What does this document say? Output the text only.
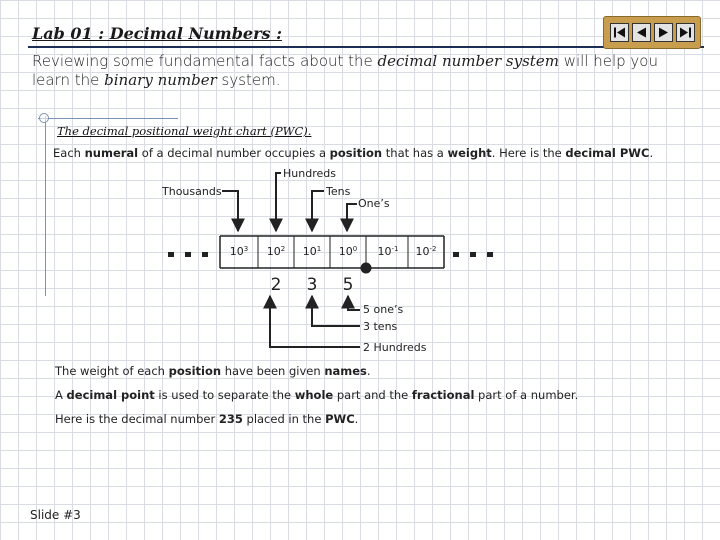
Lab 01 : Decimal Numbers :
Reviewing some fundamental facts about the decimal number system will help you learn the binary number system.
The decimal positional weight chart (PWC).
Each numeral of a decimal number occupies a position that has a weight. Here is the decimal PWC.
Thousands
Hundreds
Tens
One’s
$10^3$ $10^2$ $10^1$ $10^0$ $10^{-1}$ $10^{-2}$
2 3 5
5 one’s
3 tens
2 Hundreds
The weight of each position have been given names.
A decimal point is used to separate the whole part and the fractional part of a number.
Here is the decimal number 235 placed in the PWC.
Slide #3
